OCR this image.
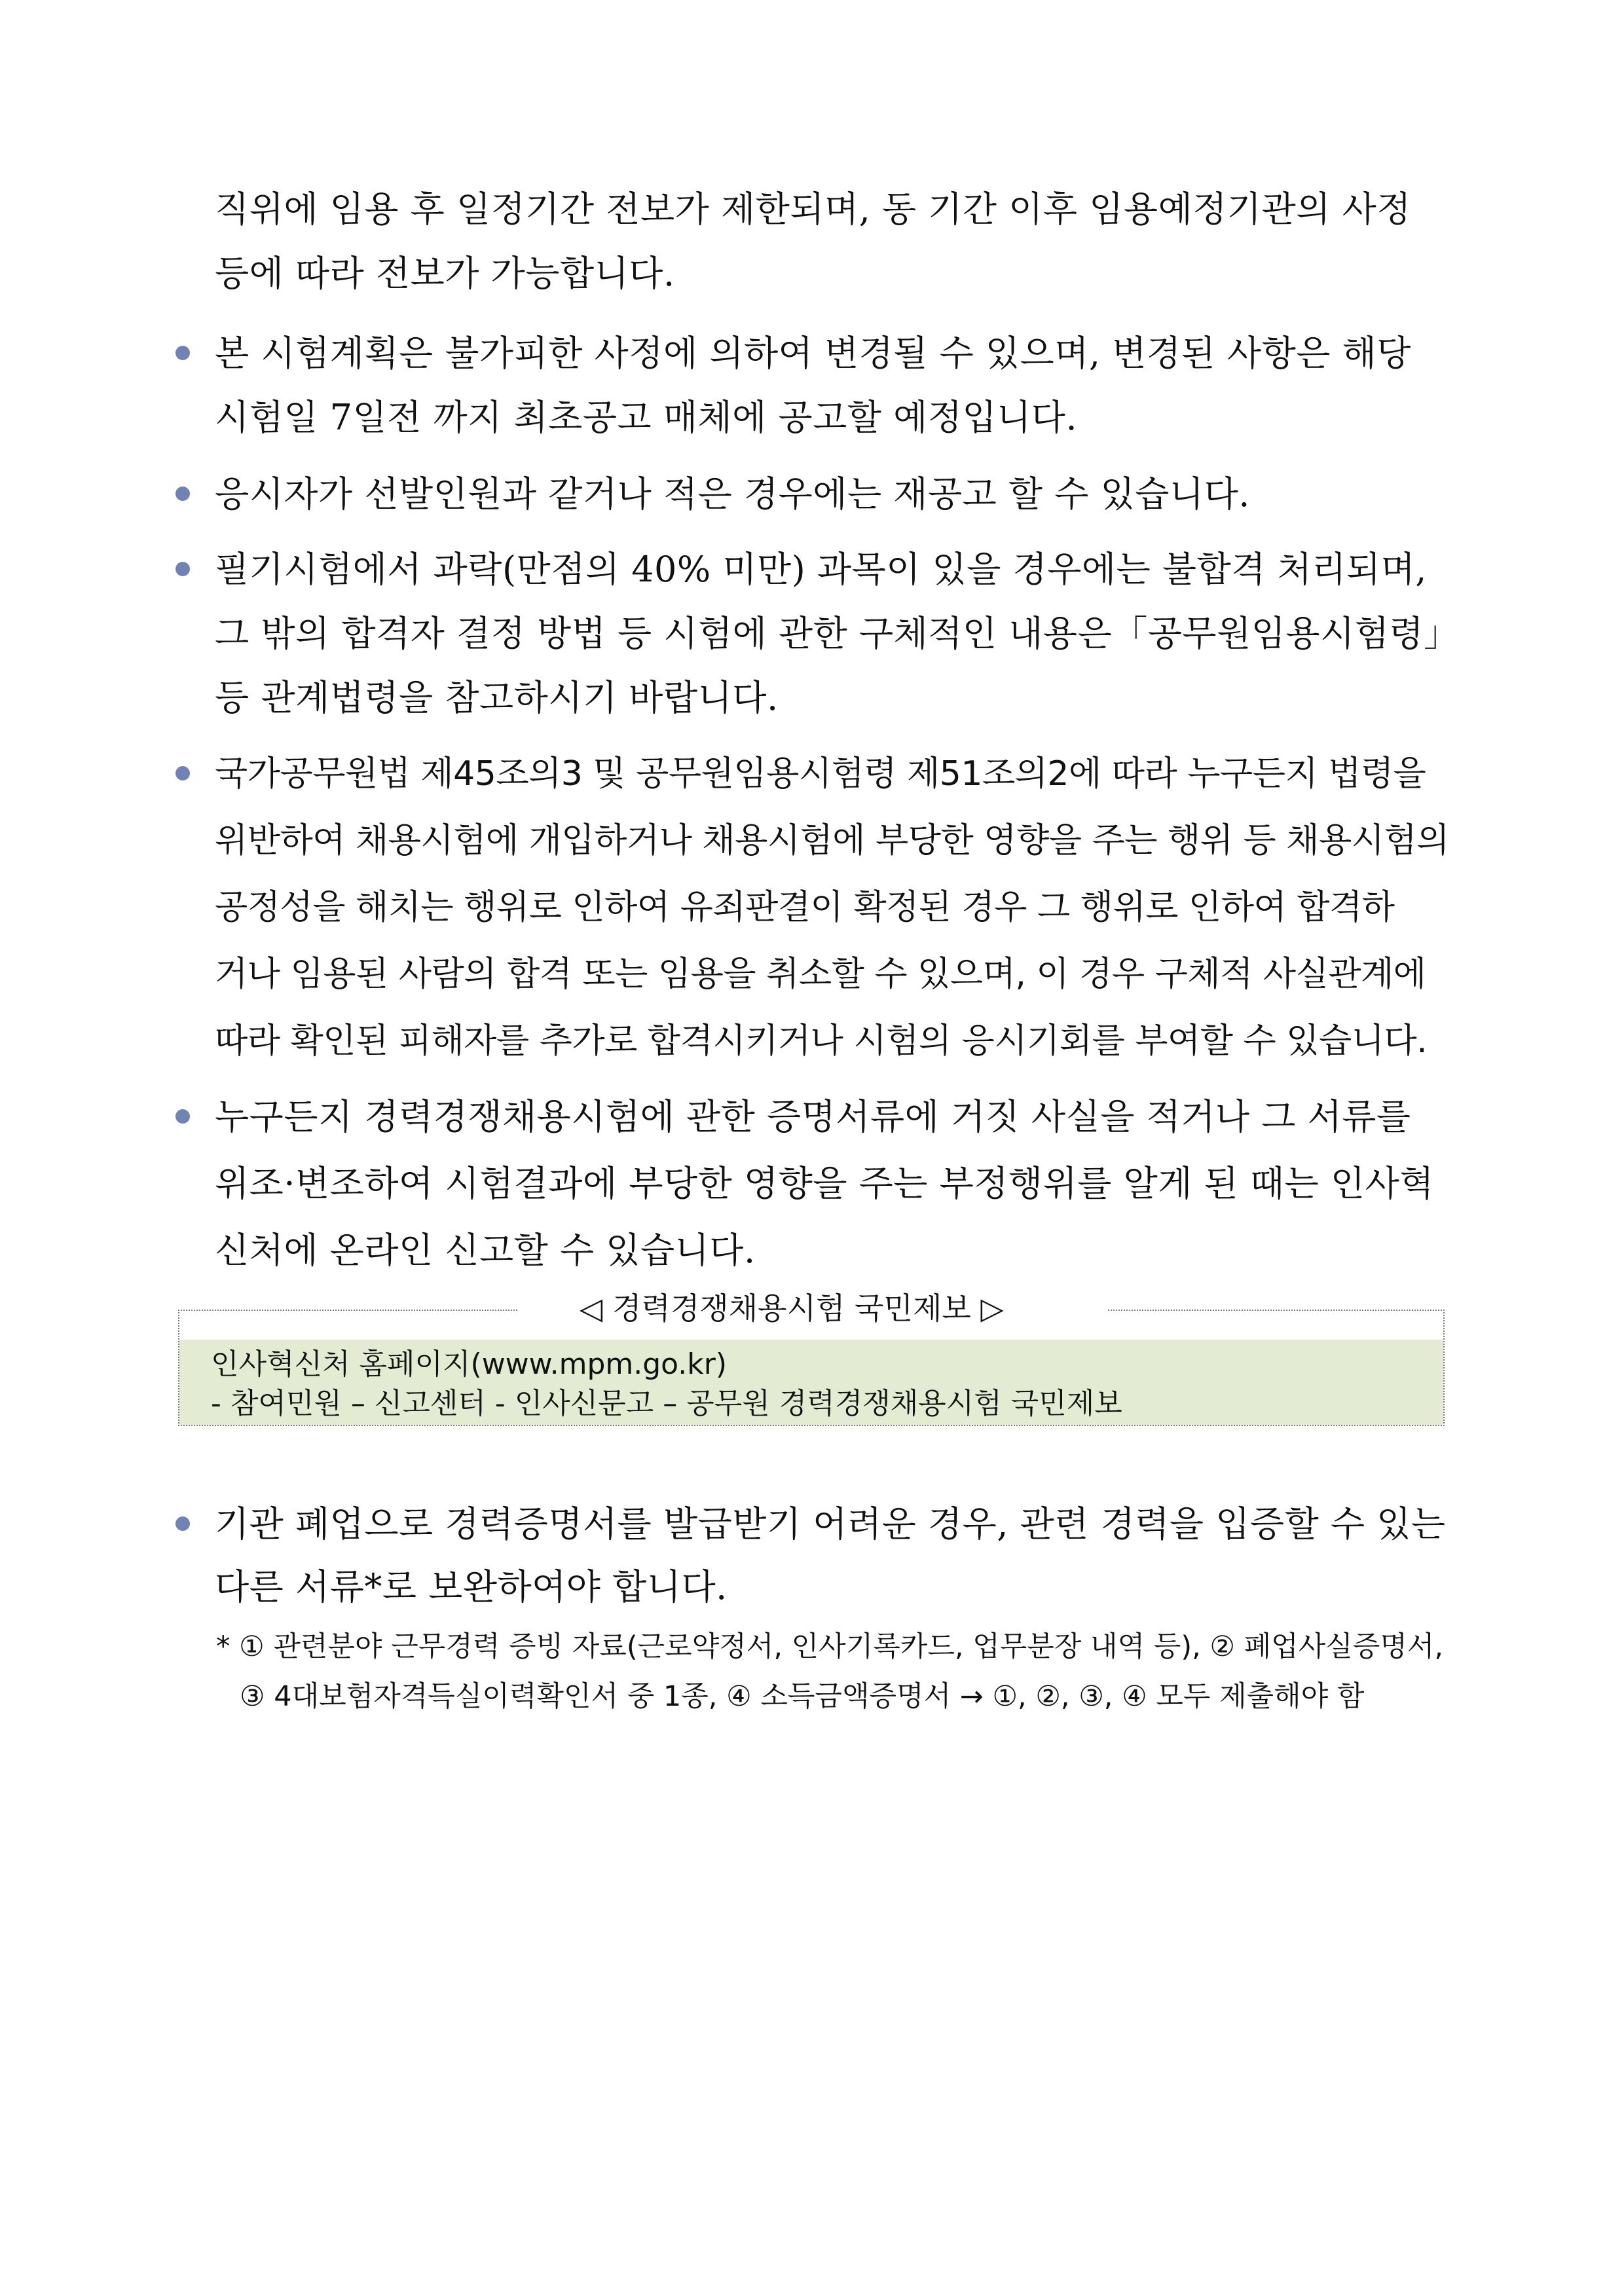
직위에 임용 후 일정기간 전보가 제한되며, 동 기간 이후 임용예정기관의 사정
등에 따라 전보가 가능합니다.
본 시험계획은 불가피한 사정에 의하여 변경될 수 있으며, 변경된 사항은 해당
시험일 7일전 까지 최초공고 매체에 공고할 예정입니다.
응시자가 선발인원과 같거나 적은 경우에는 재공고 할 수 있습니다.
필기시험에서 과락(만점의 40% 미만) 과목이 있을 경우에는 불합격 처리되며,
그 밖의 합격자 결정 방법 등 시험에 관한 구체적인 내용은「공무원임용시험령」
등 관계법령을 참고하시기 바랍니다.
국가공무원법 제45조의3 및 공무원임용시험령 제51조의2에 따라 누구든지 법령을
위반하여 채용시험에 개입하거나 채용시험에 부당한 영향을 주는 행위 등 채용시험의
공정성을 해치는 행위로 인하여 유죄판결이 확정된 경우 그 행위로 인하여 합격하
거나 임용된 사람의 합격 또는 임용을 취소할 수 있으며, 이 경우 구체적 사실관계에
따라 확인된 피해자를 추가로 합격시키거나 시험의 응시기회를 부여할 수 있습니다.
누구든지 경력경쟁채용시험에 관한 증명서류에 거짓 사실을 적거나 그 서류를
위조·변조하여 시험결과에 부당한 영향을 주는 부정행위를 알게 된 때는 인사혁
신처에 온라인 신고할 수 있습니다.
◁ 경력경쟁채용시험 국민제보 ▷
인사혁신처 홈페이지(www.mpm.go.kr)
- 참여민원 – 신고센터 - 인사신문고 – 공무원 경력경쟁채용시험 국민제보
기관 폐업으로 경력증명서를 발급받기 어려운 경우, 관련 경력을 입증할 수 있는
다른 서류*로 보완하여야 합니다.
* ① 관련분야 근무경력 증빙 자료(근로약정서, 인사기록카드, 업무분장 내역 등), ② 폐업사실증명서,
③ 4대보험자격득실이력확인서 중 1종, ④ 소득금액증명서 → ①, ②, ③, ④ 모두 제출해야 함
